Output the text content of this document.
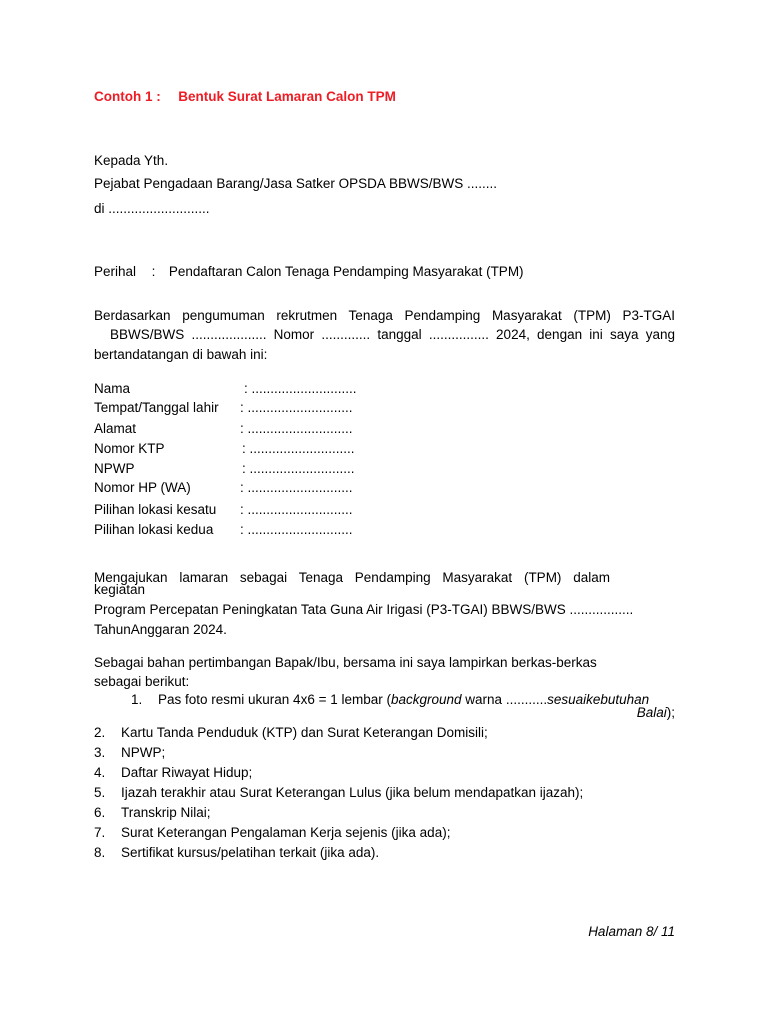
Contoh 1 : Bentuk Surat Lamaran Calon TPM
Kepada Yth.
Pejabat Pengadaan Barang/Jasa Satker OPSDA BBWS/BWS ........
di ...........................
Perihal : Pendaftaran Calon Tenaga Pendamping Masyarakat (TPM)
Berdasarkan pengumuman rekrutmen Tenaga Pendamping Masyarakat (TPM) P3-TGAI
BBWS/BWS .................... Nomor ............. tanggal ................ 2024, dengan ini saya yang
bertandatangan di bawah ini:
Nama	: ............................
Tempat/Tanggal lahir : ............................
Alamat	: ............................
Nomor KTP	: ............................
NPWP	: ............................
Nomor HP (WA)	: ............................
Pilihan lokasi kesatu : ............................
Pilihan lokasi kedua : ............................
Mengajukan lamaran sebagai Tenaga Pendamping Masyarakat (TPM) dalam
kegiatan
Program Percepatan Peningkatan Tata Guna Air Irigasi (P3-TGAI) BBWS/BWS .................
TahunAnggaran 2024.
Sebagai bahan pertimbangan Bapak/Ibu, bersama ini saya lampirkan berkas-berkas
sebagai berikut:
1. Pas foto resmi ukuran 4x6 = 1 lembar (background warna ...........sesuaikebutuhan
Balai);
2. Kartu Tanda Penduduk (KTP) dan Surat Keterangan Domisili;
3. NPWP;
4. Daftar Riwayat Hidup;
5. Ijazah terakhir atau Surat Keterangan Lulus (jika belum mendapatkan ijazah);
6. Transkrip Nilai;
7. Surat Keterangan Pengalaman Kerja sejenis (jika ada);
8. Sertifikat kursus/pelatihan terkait (jika ada).
Halaman 8/ 11
